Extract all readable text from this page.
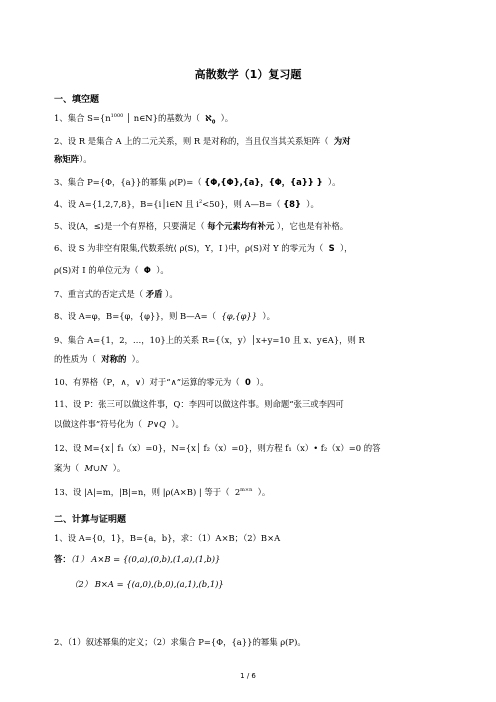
高散数学（1）复习题
一、填空题
1、集合 $S=\{n^{1000}$ │ n∈N}的基数为（ ℵ$_0$ ）。
2、设 R 是集合 A 上的二元关系，则 R 是对称的，当且仅当其关系矩阵（ 为对
称矩阵）。
3、集合 P={Φ，{a}}的幂集 ρ(P)=（ {Φ,{Φ},{a}，{Φ，{a}} } ）。
4、设 A={1,2,7,8}，B={i│i∈N 且 $i^2<50$}，则 A—B=（ {8} ）。
5、设⟨A，≤⟩是一个有界格，只要满足（ 每个元素均有补元 ），它也是有补格。
6、设 S 为非空有限集,代数系统⟨ ρ(S)，Y，I ⟩中，ρ(S)对 Y 的零元为（ S ），
ρ(S)对 I 的单位元为（ Φ ）。
7、重言式的否定式是（ 矛盾 ）。
8、设 A=φ，B={φ，{φ}}，则 B—A=（ {φ,{φ}} ）。
9、集合 A={1，2，…，10}上的关系 R={（x，y）│x+y=10 且 x、y∈A}，则 R
的性质为（ 对称的 ）。
10、有界格（P，∧，∨）对于“∧”运算的零元为（ 0 ）。
11、设 P：张三可以做这件事，Q：李四可以做这件事。则命题“张三或李四可
以做这件事”符号化为（ P∨Q ）。
12、设 M={x│ f₁（x）=0}，N={x│ f₂（x）=0}，则方程 f₁（x）• f₂（x）=0 的答
案为（ M∪N ）。
13、设 |A|=m，|B|=n，则 |ρ(A×B) | 等于（ $2^{m\times n}$ ）。
二、计算与证明题
1、设 A={0，1}，B={a，b}，求：（1）A×B；（2）B×A
答：（1） A×B = {(0,a),(0,b),(1,a),(1,b)}
（2） B×A = {(a,0),(b,0),(a,1),(b,1)}
2、（1）叙述幂集的定义；（2）求集合 P={Φ，{a}}的幂集 ρ(P)。
1 / 6
